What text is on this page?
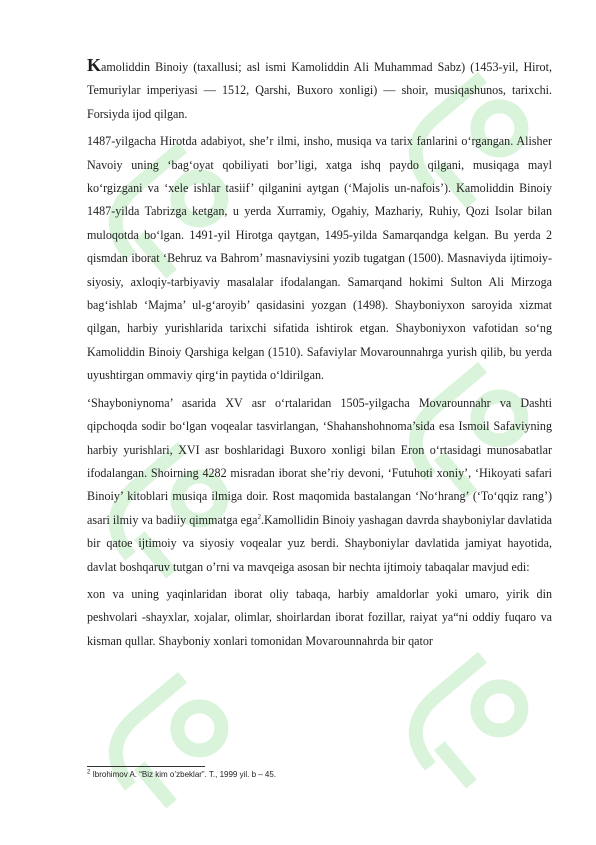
Kamoliddin Binoiy (taxallusi; asl ismi Kamoliddin Ali Muhammad Sabz) (1453-yil, Hirot, Temuriylar imperiyasi — 1512, Qarshi, Buxoro xonligi) — shoir, musiqashunos, tarixchi. Forsiyda ijod qilgan.

1487-yilgacha Hirotda adabiyot, she’r ilmi, insho, musiqa va tarix fanlarini o‘rgangan. Alisher Navoiy uning ‘bag‘oyat qobiliyati bor’ligi, xatga ishq paydo qilgani, musiqaga mayl ko‘rgizgani va ‘xele ishlar tasiif’ qilganini aytgan (‘Majolis un-nafois’). Kamoliddin Binoiy 1487-yilda Tabrizga ketgan, u yerda Xurramiy, Ogahiy, Mazhariy, Ruhiy, Qozi Isolar bilan muloqotda bo‘lgan. 1491-yil Hirotga qaytgan, 1495-yilda Samarqandga kelgan. Bu yerda 2 qismdan iborat ‘Behruz va Bahrom’ masnaviysini yozib tugatgan (1500). Masnaviyda ijtimoiy-siyosiy, axloqiy-tarbiyaviy masalalar ifodalangan. Samarqand hokimi Sulton Ali Mirzoga bag‘ishlab ‘Majma’ ul-g‘aroyib’ qasidasini yozgan (1498). Shayboniyxon saroyida xizmat qilgan, harbiy yurishlarida tarixchi sifatida ishtirok etgan. Shayboniyxon vafotidan so‘ng Kamoliddin Binoiy Qarshiga kelgan (1510). Safaviylar Movarounnahrga yurish qilib, bu yerda uyushtirgan ommaviy qirg‘in paytida o‘ldirilgan.

‘Shayboniynoma’ asarida XV asr o‘rtalaridan 1505-yilgacha Movarounnahr va Dashti qipchoqda sodir bo‘lgan voqealar tasvirlangan, ‘Shahanshohnoma’sida esa Ismoil Safaviyning harbiy yurishlari, XVI asr boshlaridagi Buxoro xonligi bilan Eron o‘rtasidagi munosabatlar ifodalangan. Shoirning 4282 misradan iborat she’riy devoni, ‘Futuhoti xoniy’, ‘Hikoyati safari Binoiy’ kitoblari musiqa ilmiga doir. Rost maqomida bastalangan ‘No‘hrang’ (‘To‘qqiz rang’) asari ilmiy va badiiy qimmatga ega$^2$.Kamollidin Binoiy yashagan davrda shayboniylar davlatida bir qatoe ijtimoiy va siyosiy voqealar yuz berdi. Shayboniylar davlatida jamiyat hayotida, davlat boshqaruv tutgan o’rni va mavqeiga asosan bir nechta ijtimoiy tabaqalar mavjud edi:

xon va uning yaqinlaridan iborat oliy tabaqa, harbiy amaldorlar yoki umaro, yirik din peshvolari -shayxlar, xojalar, olimlar, shoirlardan iborat fozillar, raiyat ya“ni oddiy fuqaro va kisman qullar. Shayboniy xonlari tomonidan Movarounnahrda bir qator

$^2$ Ibrohimov A. “Biz kim o’zbeklar”. T., 1999 yil. b – 45.
